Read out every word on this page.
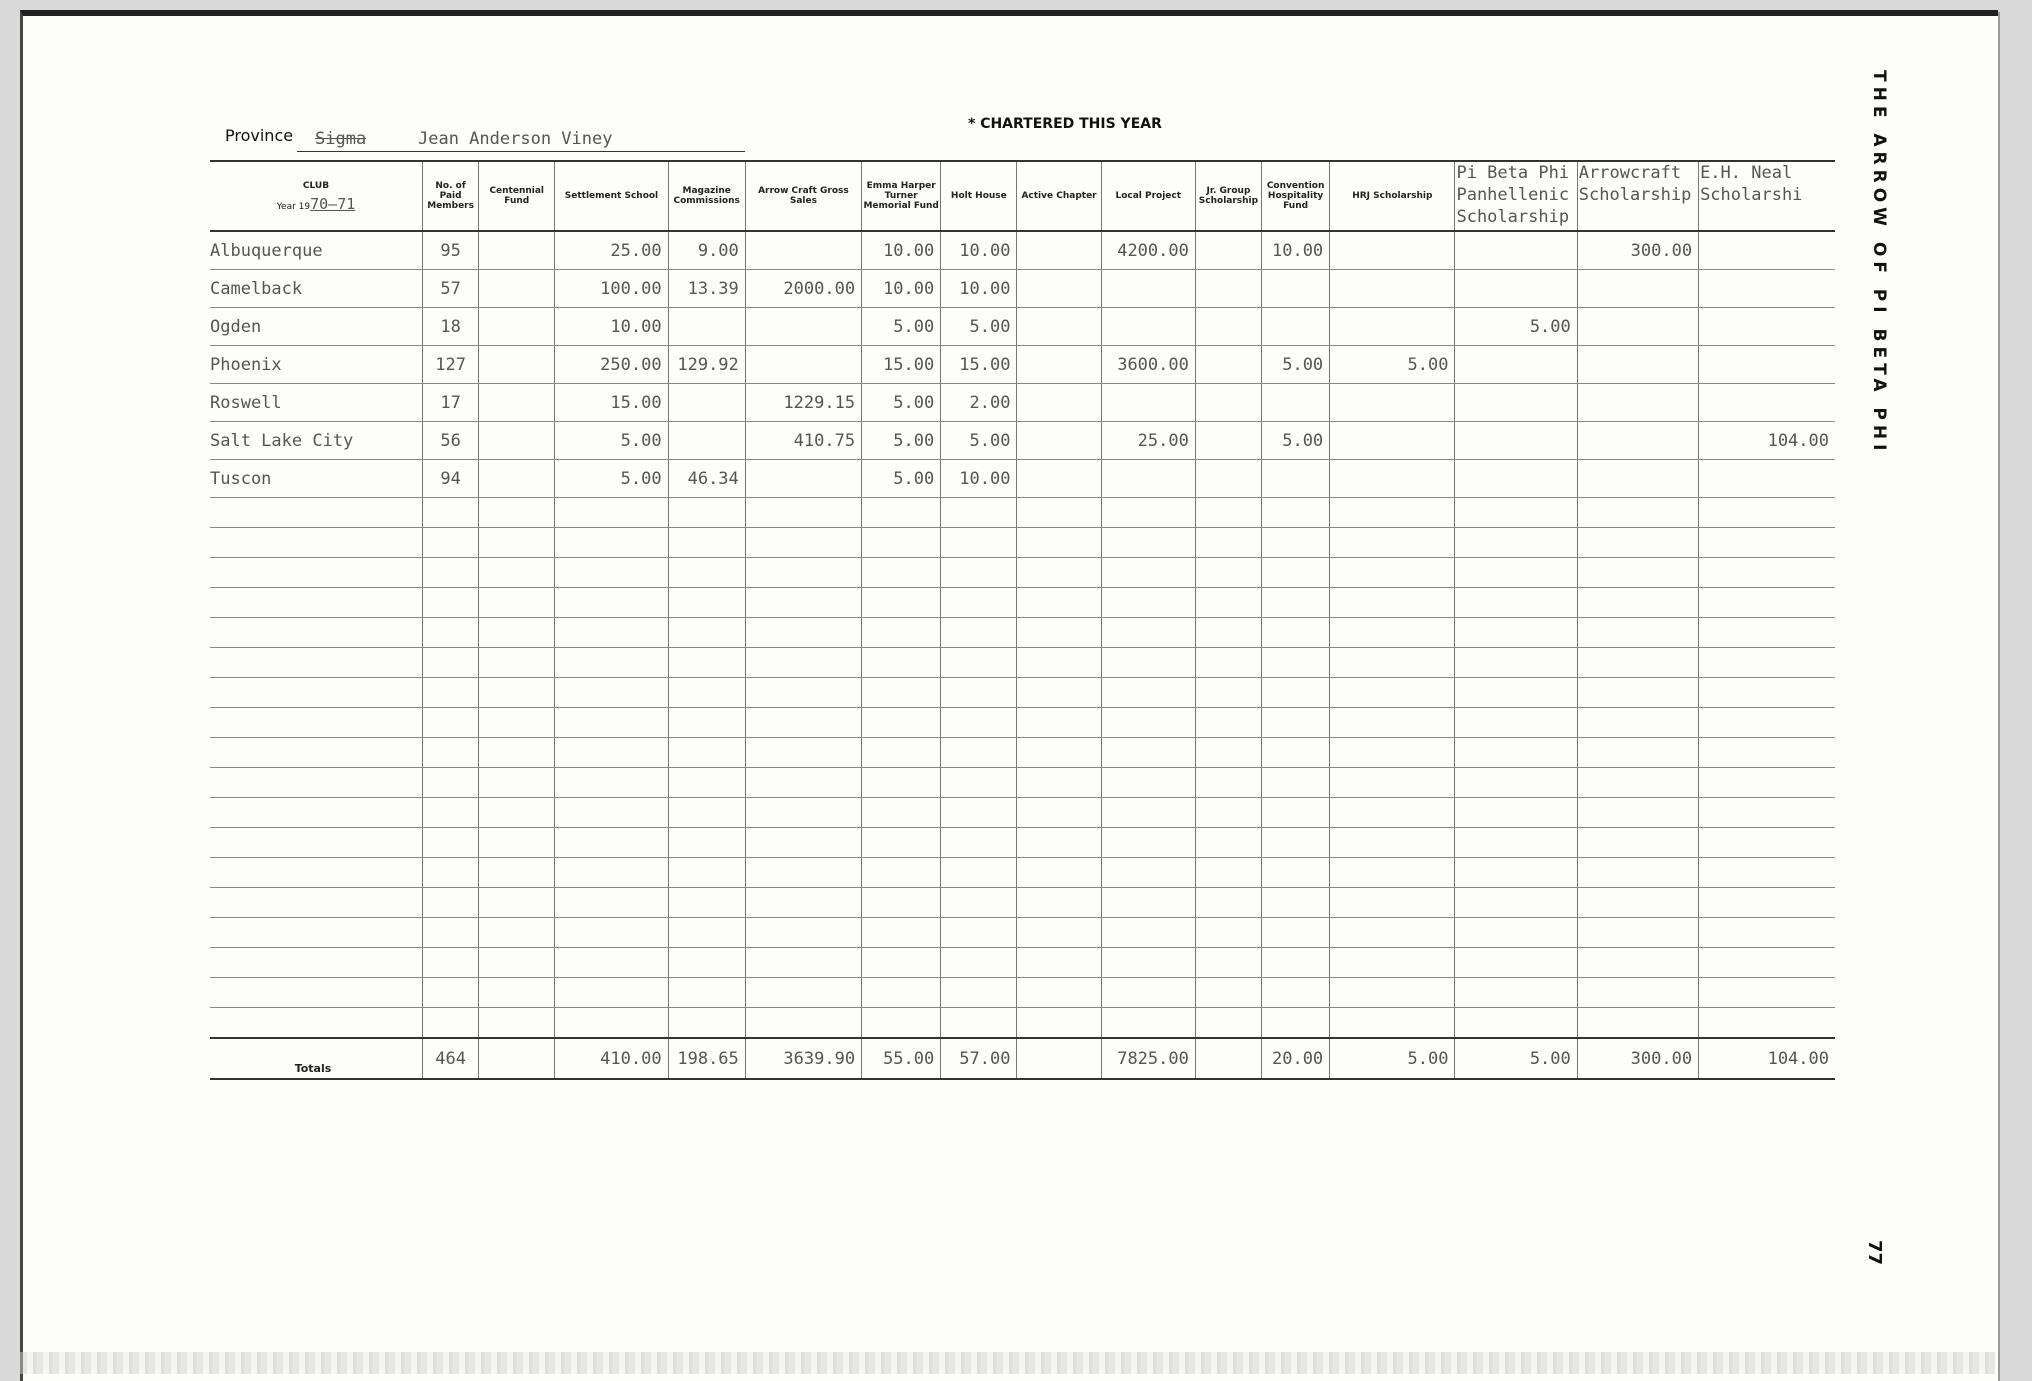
THE ARROW OF PI BETA PHI
77
* CHARTERED THIS YEAR
Province Sigma	Jean Anderson Viney
CLUB
Year 1970–71	No. of Paid Members	Centennial Fund	Settlement School	Magazine Commissions	Arrow Craft Gross Sales	Emma Harper Turner Memorial Fund	Holt House	Active Chapter	Local Project	Jr. Group Scholarship	Convention Hospitality Fund	HRJ Scholarship	Pi Beta Phi Panhellenic Scholarship	Arrowcraft Scholarship	E.H. Neal Scholarshi
Albuquerque	95		25.00	9.00		10.00	10.00		4200.00		10.00			300.00	
Camelback	57		100.00	13.39	2000.00	10.00	10.00								
Ogden	18		10.00			5.00	5.00						5.00		
Phoenix	127		250.00	129.92		15.00	15.00		3600.00		5.00	5.00			
Roswell	17		15.00		1229.15	5.00	2.00								
Salt Lake City	56		5.00		410.75	5.00	5.00		25.00		5.00				104.00
Tuscon	94		5.00	46.34		5.00	10.00								

Totals	464		410.00	198.65	3639.90	55.00	57.00		7825.00		20.00	5.00	5.00	300.00	104.00
